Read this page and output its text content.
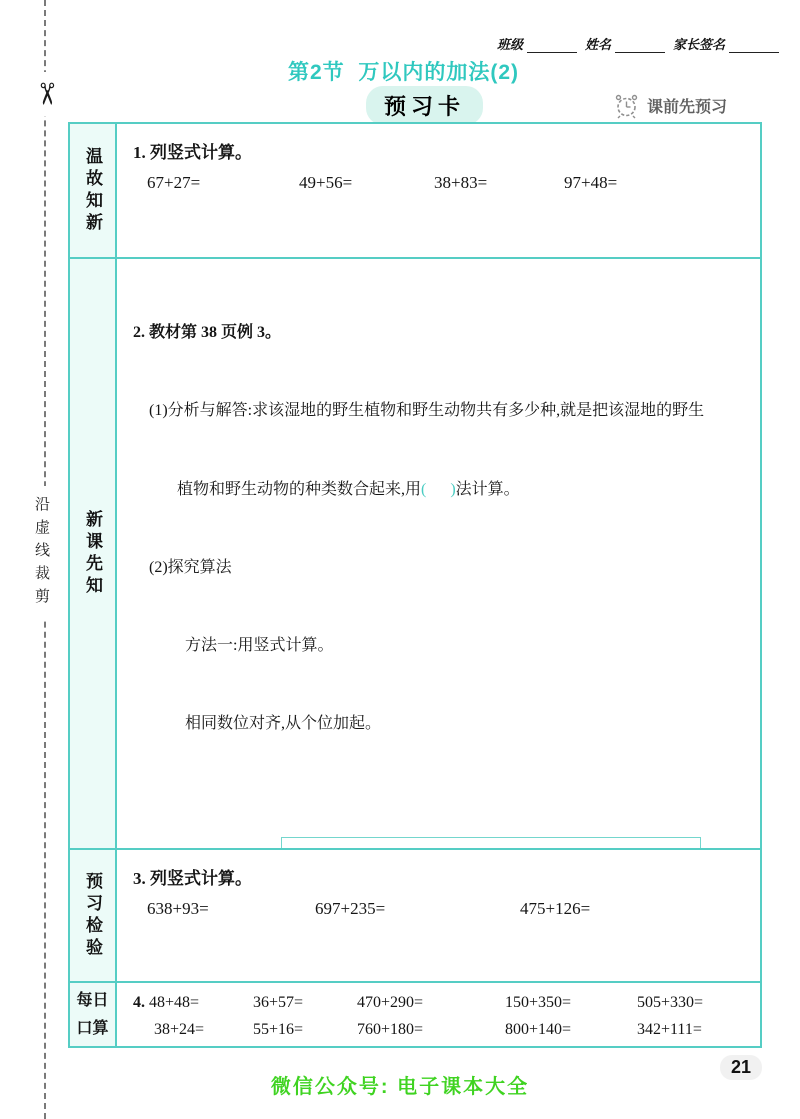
✂
沿虚线裁剪
班级	姓名	家长签名
第2节  万以内的加法(2)
预习卡	课前先预习
温故知新 1. 列竖式计算。
67+27=	49+56=	38+83=	97+48=
新课先知

2. 教材第 38 页例 3。

(1)分析与解答:求该湿地的野生植物和野生动物共有多少种,就是把该湿地的野生

植物和野生动物的种类数合起来,用( )法计算。

(2)探究算法

方法一:用竖式计算。

相同数位对齐,从个位加起。

预习检验 3. 列竖式计算。
638+93=	697+235=	475+126=
每日
口算
4. 48+48=	36+57=	470+290=	150+350=	505+330=
38+24=	55+16=	760+180=	800+140=	342+111=
微信公众号: 电子课本大全
21
